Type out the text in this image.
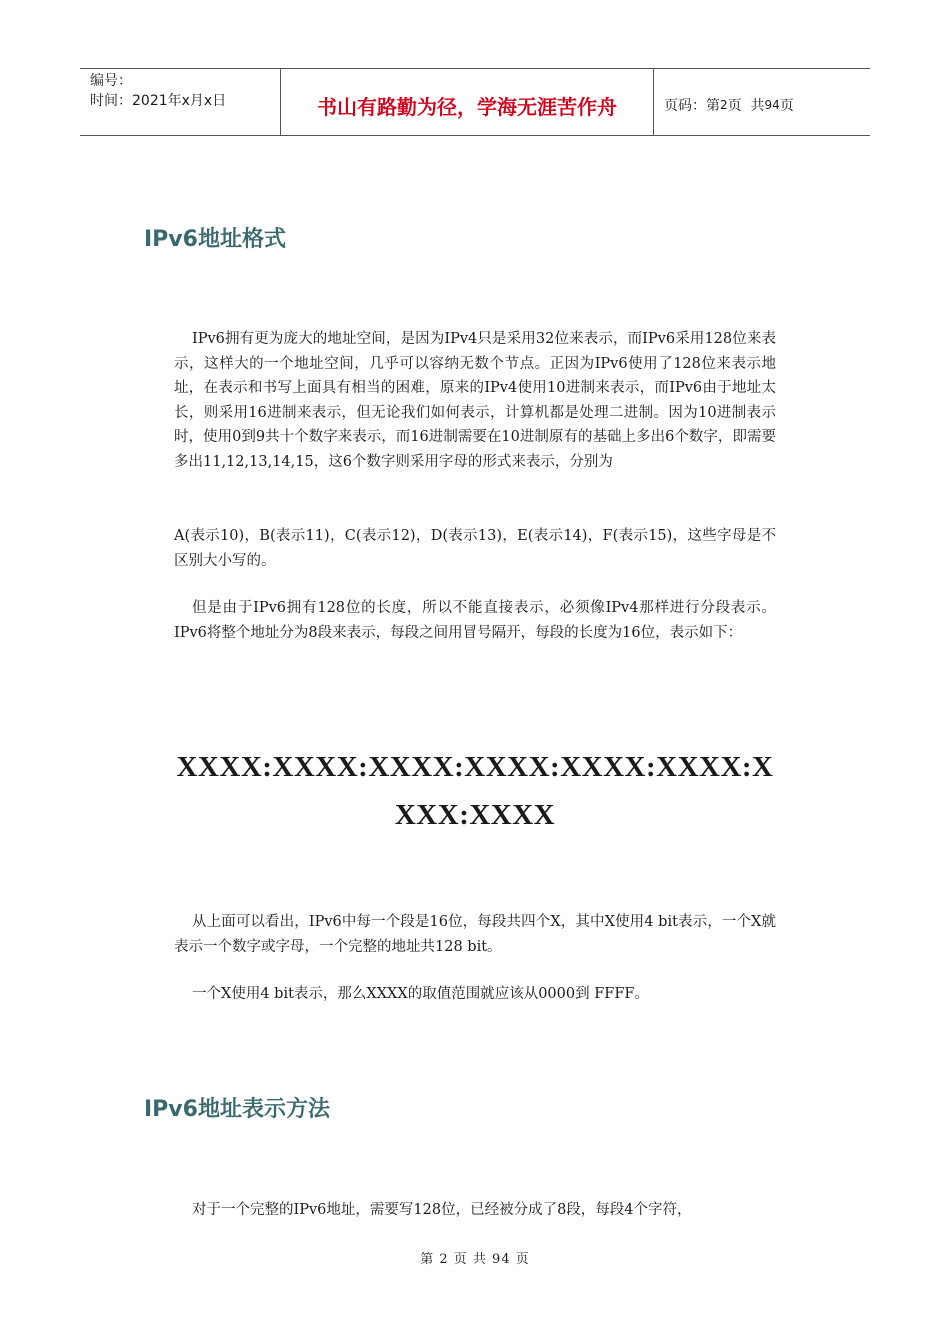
编号：
时间：2021年x月x日	书山有路勤为径，学海无涯苦作舟	页码：第 2 页  共 94 页
IPv6地址格式

IPv6拥有更为庞大的地址空间，是因为IPv4只是采用32位来表示，而IPv6采用128位来表示，这样大的一个地址空间，几乎可以容纳无数个节点。正因为IPv6使用了128位来表示地址，在表示和书写上面具有相当的困难，原来的IPv4使用10进制来表示，而IPv6由于地址太长，则采用16进制来表示，但无论我们如何表示，计算机都是处理二进制。因为10进制表示时，使用0到9共十个数字来表示，而16进制需要在10进制原有的基础上多出6个数字，即需要多出11,12,13,14,15，这6个数字则采用字母的形式来表示，分别为

A(表示10)，B(表示11)，C(表示12)，D(表示13)，E(表示14)，F(表示15)，这些字母是不区别大小写的。

但是由于IPv6拥有128位的长度，所以不能直接表示，必须像IPv4那样进行分段表示。IPv6将整个地址分为8段来表示，每段之间用冒号隔开，每段的长度为16位，表示如下：

XXXX:XXXX:XXXX:XXXX:XXXX:XXXX:XXXX:XXXX

从上面可以看出，IPv6中每一个段是16位，每段共四个X，其中X使用4 bit表示，一个X就表示一个数字或字母，一个完整的地址共128 bit。

一个X使用4 bit表示，那么XXXX的取值范围就应该从0000到 FFFF。

IPv6地址表示方法

对于一个完整的IPv6地址，需要写128位，已经被分成了8段，每段4个字符，

第 2 页 共 94 页
